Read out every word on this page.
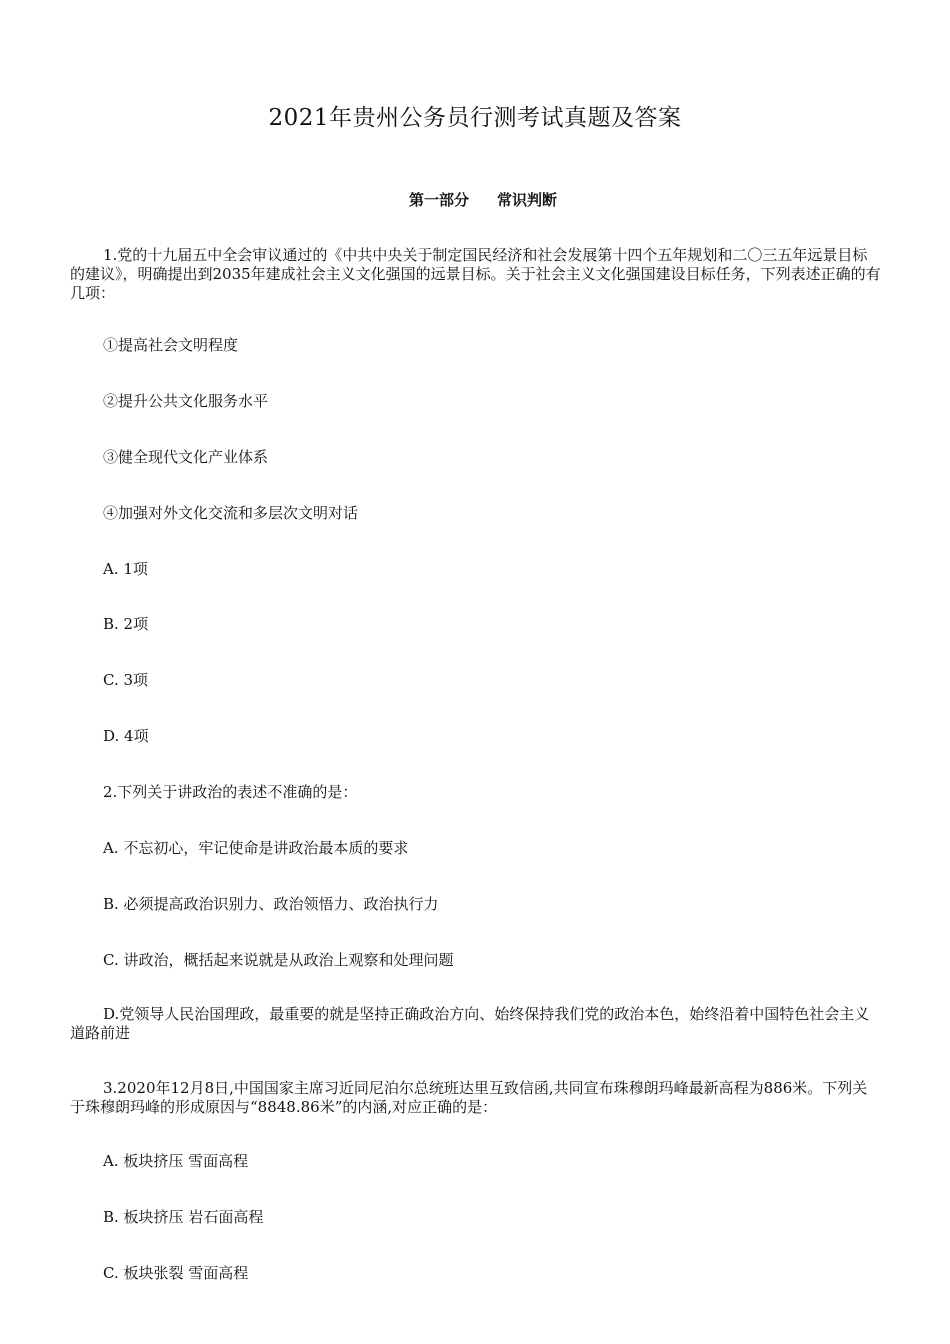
2021年贵州公务员行测考试真题及答案
第一部分 常识判断
1.党的十九届五中全会审议通过的《中共中央关于制定国民经济和社会发展第十四个五年规划和二〇三五年远景目标的建议》，明确提出到2035年建成社会主义文化强国的远景目标。关于社会主义文化强国建设目标任务，下列表述正确的有几项：
①提高社会文明程度
②提升公共文化服务水平
③健全现代文化产业体系
④加强对外文化交流和多层次文明对话
A. 1项
B. 2项
C. 3项
D. 4项
2.下列关于讲政治的表述不准确的是：
A. 不忘初心，牢记使命是讲政治最本质的要求
B. 必须提高政治识别力、政治领悟力、政治执行力
C. 讲政治，概括起来说就是从政治上观察和处理问题
D.党领导人民治国理政，最重要的就是坚持正确政治方向、始终保持我们党的政治本色，始终沿着中国特色社会主义道路前进
3.2020年12月8日,中国国家主席习近同尼泊尔总统班达里互致信函,共同宣布珠穆朗玛峰最新高程为886米。下列关于珠穆朗玛峰的形成原因与“8848.86米”的内涵,对应正确的是：
A. 板块挤压 雪面高程
B. 板块挤压 岩石面高程
C. 板块张裂 雪面高程
